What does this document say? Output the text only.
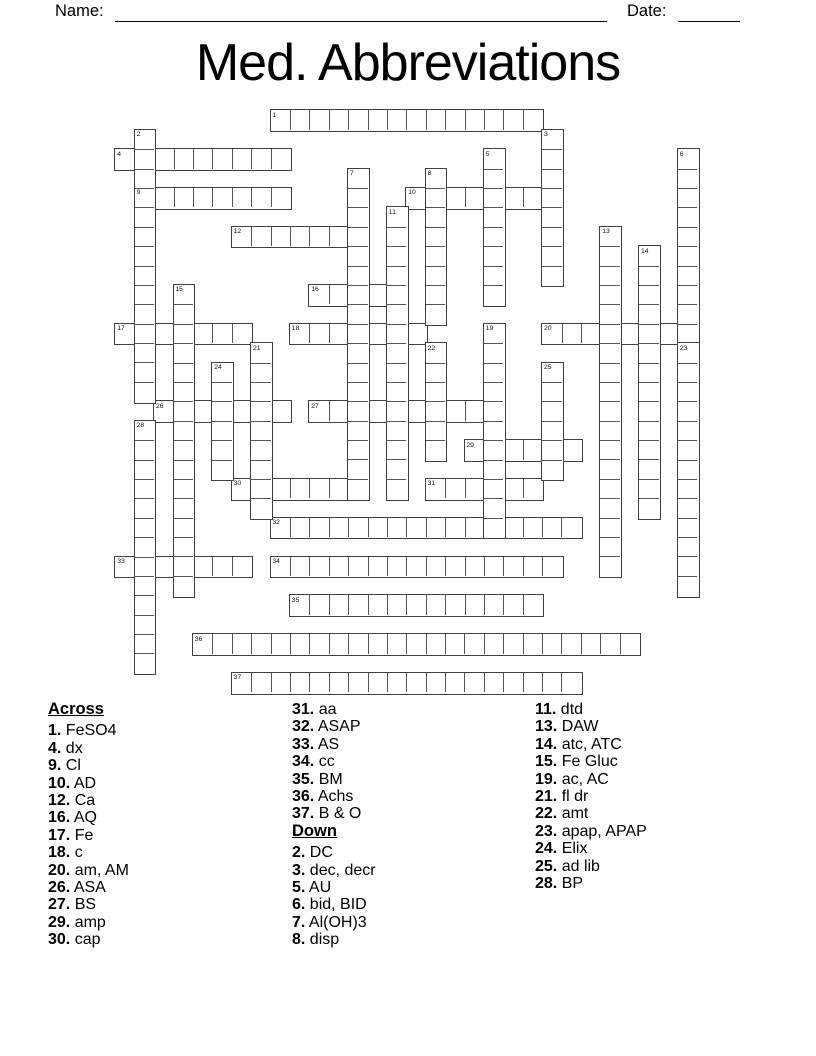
Name:	Date:
Med. Abbreviations
1
4
9	10
12
16
17	18	20
26	27
29
30	31
32
33	34
35
36
37
2	3
5	6
7	8
11
13
14
15
19
21	22	23
24	25
28
Across
1. FeSO4
4. dx
9. Cl
10. AD
12. Ca
16. AQ
17. Fe
18. c
20. am, AM
26. ASA
27. BS
29. amp
30. cap
31. aa
32. ASAP
33. AS
34. cc
35. BM
36. Achs
37. B & O
Down
2. DC
3. dec, decr
5. AU
6. bid, BID
7. Al(OH)3
8. disp
11. dtd
13. DAW
14. atc, ATC
15. Fe Gluc
19. ac, AC
21. fl dr
22. amt
23. apap, APAP
24. Elix
25. ad lib
28. BP
